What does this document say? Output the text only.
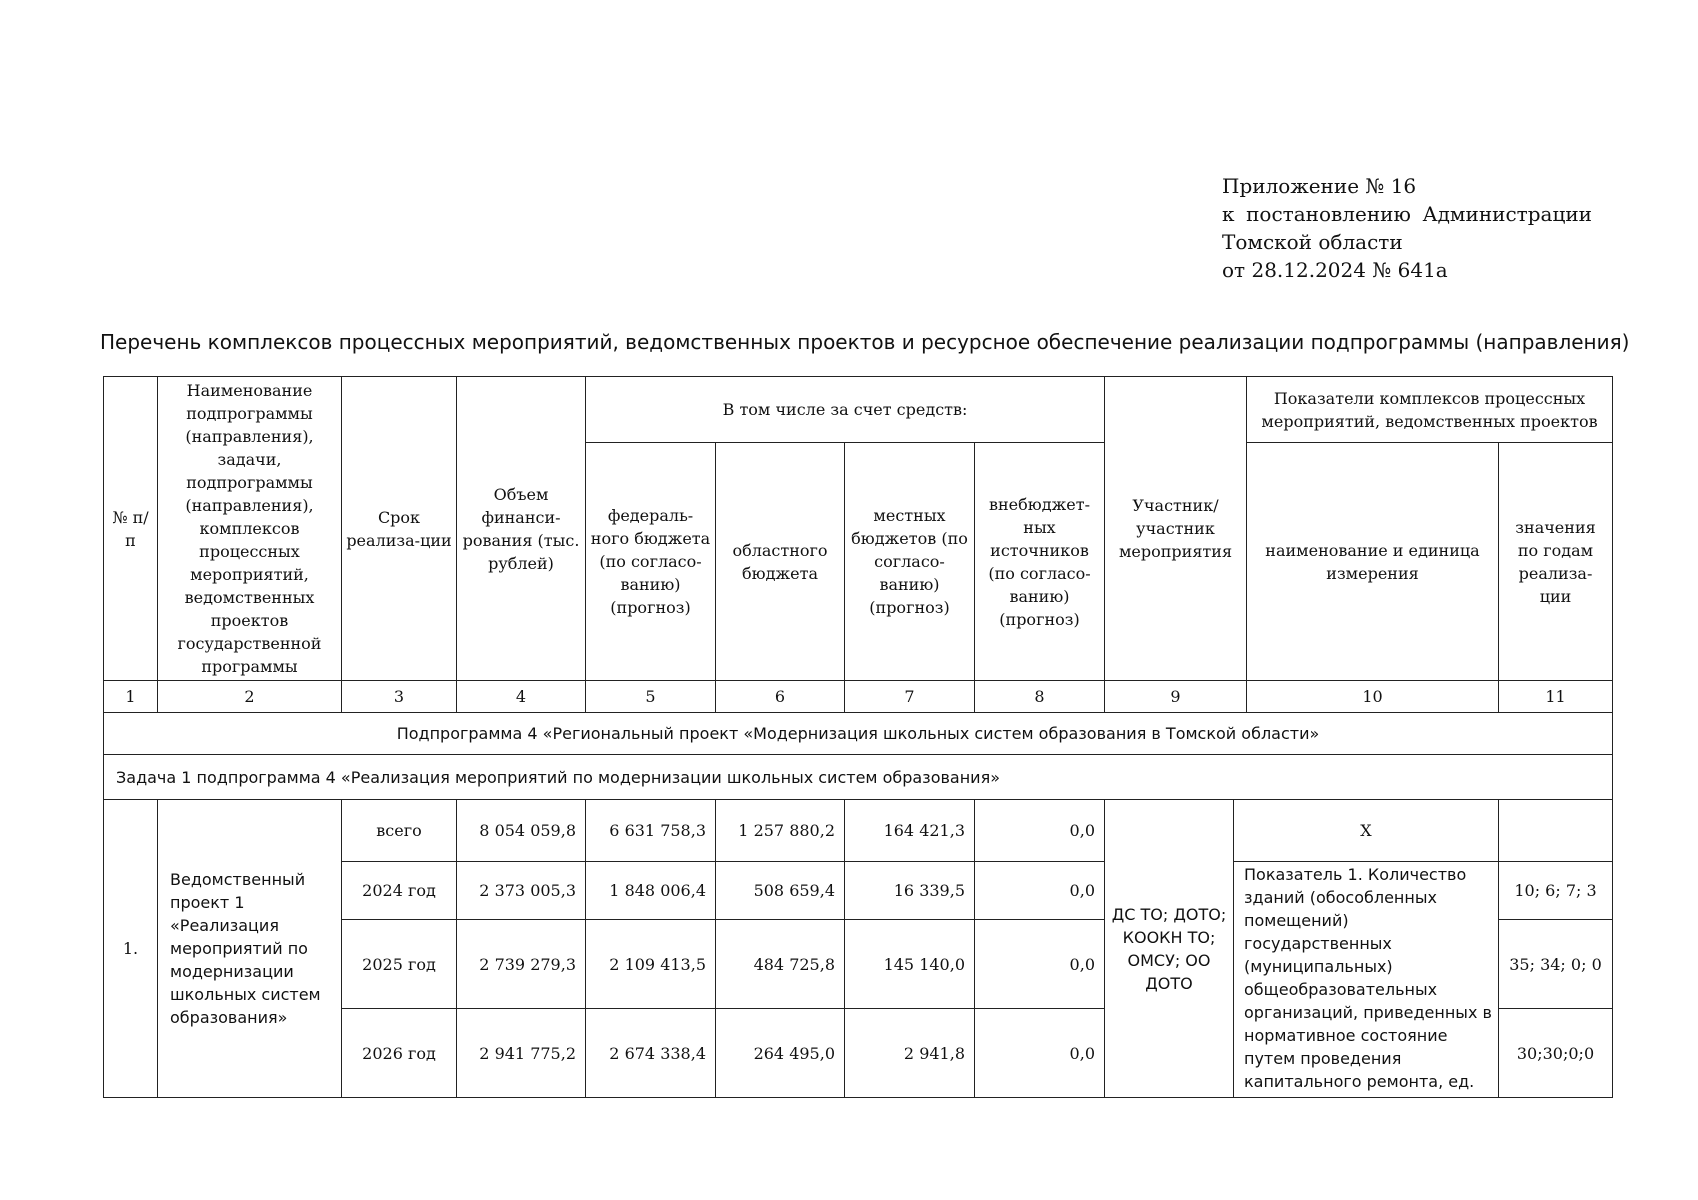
Приложение № 16
к постановлению Администрации
Томской области
от 28.12.2024 № 641а
Перечень комплексов процессных мероприятий, ведомственных проектов и ресурсное обеспечение реализации подпрограммы (направления)
№ п/п	Наименование подпрограммы (направления), задачи, подпрограммы (направления), комплексов процессных мероприятий, ведомственных проектов государственной программы	Срок реализа-ции	Объем финанси-рования (тыс. рублей)	В том числе за счет средств:				Участник/ участник мероприятия		Показатели комплексов процессных мероприятий, ведомственных проектов	
				федераль-ного бюджета (по согласо-ванию) (прогноз)	областного бюджета	местных бюджетов (по согласо-ванию) (прогноз)	внебюджет-ных источников (по согласо-ванию) (прогноз)			наименование и единица измерения	значения по годам реализа-ции
1	2	3	4	5	6	7	8	9		10	11
Подпрограмма 4 «Региональный проект «Модернизация школьных систем образования в Томской области»											
Задача 1 подпрограмма 4 «Реализация мероприятий по модернизации школьных систем образования»											
1.	Ведомственный проект 1 «Реализация мероприятий по модернизации школьных систем образования»	всего	8 054 059,8	6 631 758,3	1 257 880,2	164 421,3	0,0	ДС ТО; ДОТО; КООКН ТО; ОМСУ; ОО ДОТО	Х		
		2024 год	2 373 005,3	1 848 006,4	508 659,4	16 339,5	0,0		Показатель 1. Количество зданий (обособленных помещений) государственных (муниципальных) общеобразовательных организаций, приведенных в нормативное состояние путем проведения капитального ремонта, ед.		10; 6; 7; 3
		2025 год	2 739 279,3	2 109 413,5	484 725,8	145 140,0	0,0				35; 34; 0; 0
		2026 год	2 941 775,2	2 674 338,4	264 495,0	2 941,8	0,0				30;30;0;0
